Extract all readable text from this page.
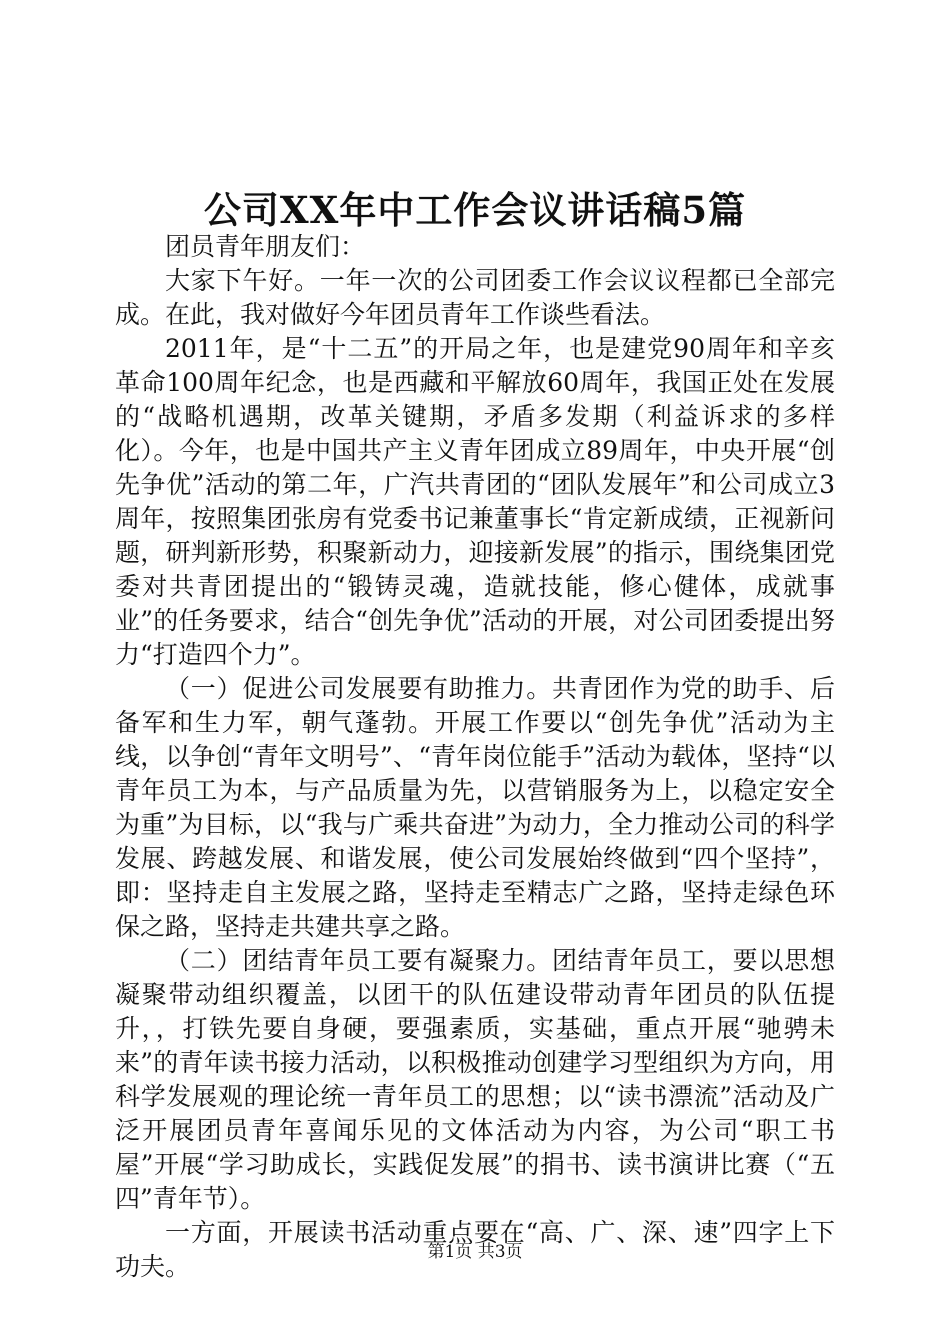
公司XX年中工作会议讲话稿5篇

团员青年朋友们：

大家下午好。一年一次的公司团委工作会议议程都已全部完成。在此，我对做好今年团员青年工作谈些看法。

2011年，是“十二五”的开局之年，也是建党90周年和辛亥革命100周年纪念，也是西藏和平解放60周年，我国正处在发展的“战略机遇期，改革关键期，矛盾多发期（利益诉求的多样化）。今年，也是中国共产主义青年团成立89周年，中央开展“创先争优”活动的第二年，广汽共青团的“团队发展年”和公司成立3周年，按照集团张房有党委书记兼董事长“肯定新成绩，正视新问题，研判新形势，积聚新动力，迎接新发展”的指示，围绕集团党委对共青团提出的“锻铸灵魂，造就技能，修心健体，成就事业”的任务要求，结合“创先争优”活动的开展，对公司团委提出努力“打造四个力”。

（一）促进公司发展要有助推力。共青团作为党的助手、后备军和生力军，朝气蓬勃。开展工作要以“创先争优”活动为主线，以争创“青年文明号”、“青年岗位能手”活动为载体，坚持“以青年员工为本，与产品质量为先，以营销服务为上，以稳定安全为重”为目标，以“我与广乘共奋进”为动力，全力推动公司的科学发展、跨越发展、和谐发展，使公司发展始终做到“四个坚持”，即：坚持走自主发展之路，坚持走至精志广之路，坚持走绿色环保之路，坚持走共建共享之路。

（二）团结青年员工要有凝聚力。团结青年员工，要以思想凝聚带动组织覆盖，以团干的队伍建设带动青年团员的队伍提升，，打铁先要自身硬，要强素质，实基础，重点开展“驰骋未来”的青年读书接力活动，以积极推动创建学习型组织为方向，用科学发展观的理论统一青年员工的思想；以“读书漂流”活动及广泛开展团员青年喜闻乐见的文体活动为内容，为公司“职工书屋”开展“学习助成长，实践促发展”的捐书、读书演讲比赛（“五四”青年节）。

一方面，开展读书活动重点要在“高、广、深、速”四字上下功夫。	第1页 共3页
